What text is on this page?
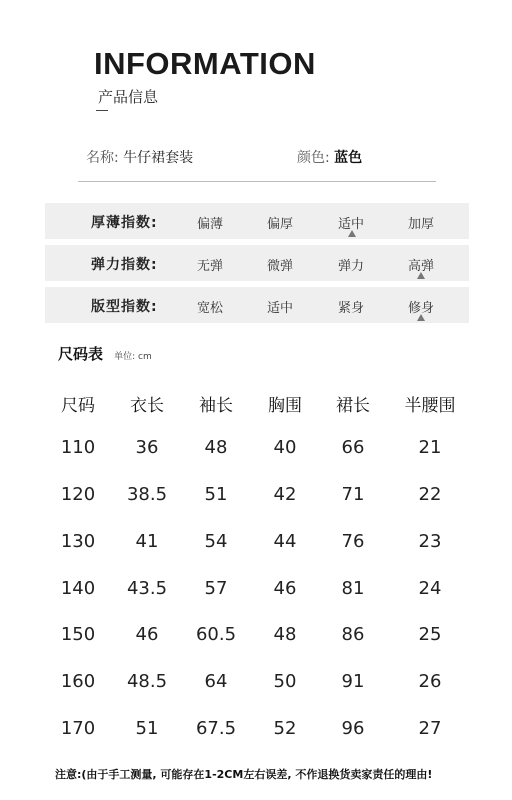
INFORMATION
产品信息
名称: 牛仔裙套装	颜色: 蓝色
厚薄指数:	偏薄	偏厚	适中	加厚
弹力指数:	无弹	微弹	弹力	高弹
版型指数:	宽松	适中	紧身	修身
尺码表 单位: cm
尺码	衣长	袖长	胸围	裙长	半腰围
110	36	48	40	66	21
120	38.5	51	42	71	22
130	41	54	44	76	23
140	43.5	57	46	81	24
150	46	60.5	48	86	25
160	48.5	64	50	91	26
170	51	67.5	52	96	27
注意:(由于手工测量, 可能存在1-2CM左右误差, 不作退换货卖家责任的理由!
